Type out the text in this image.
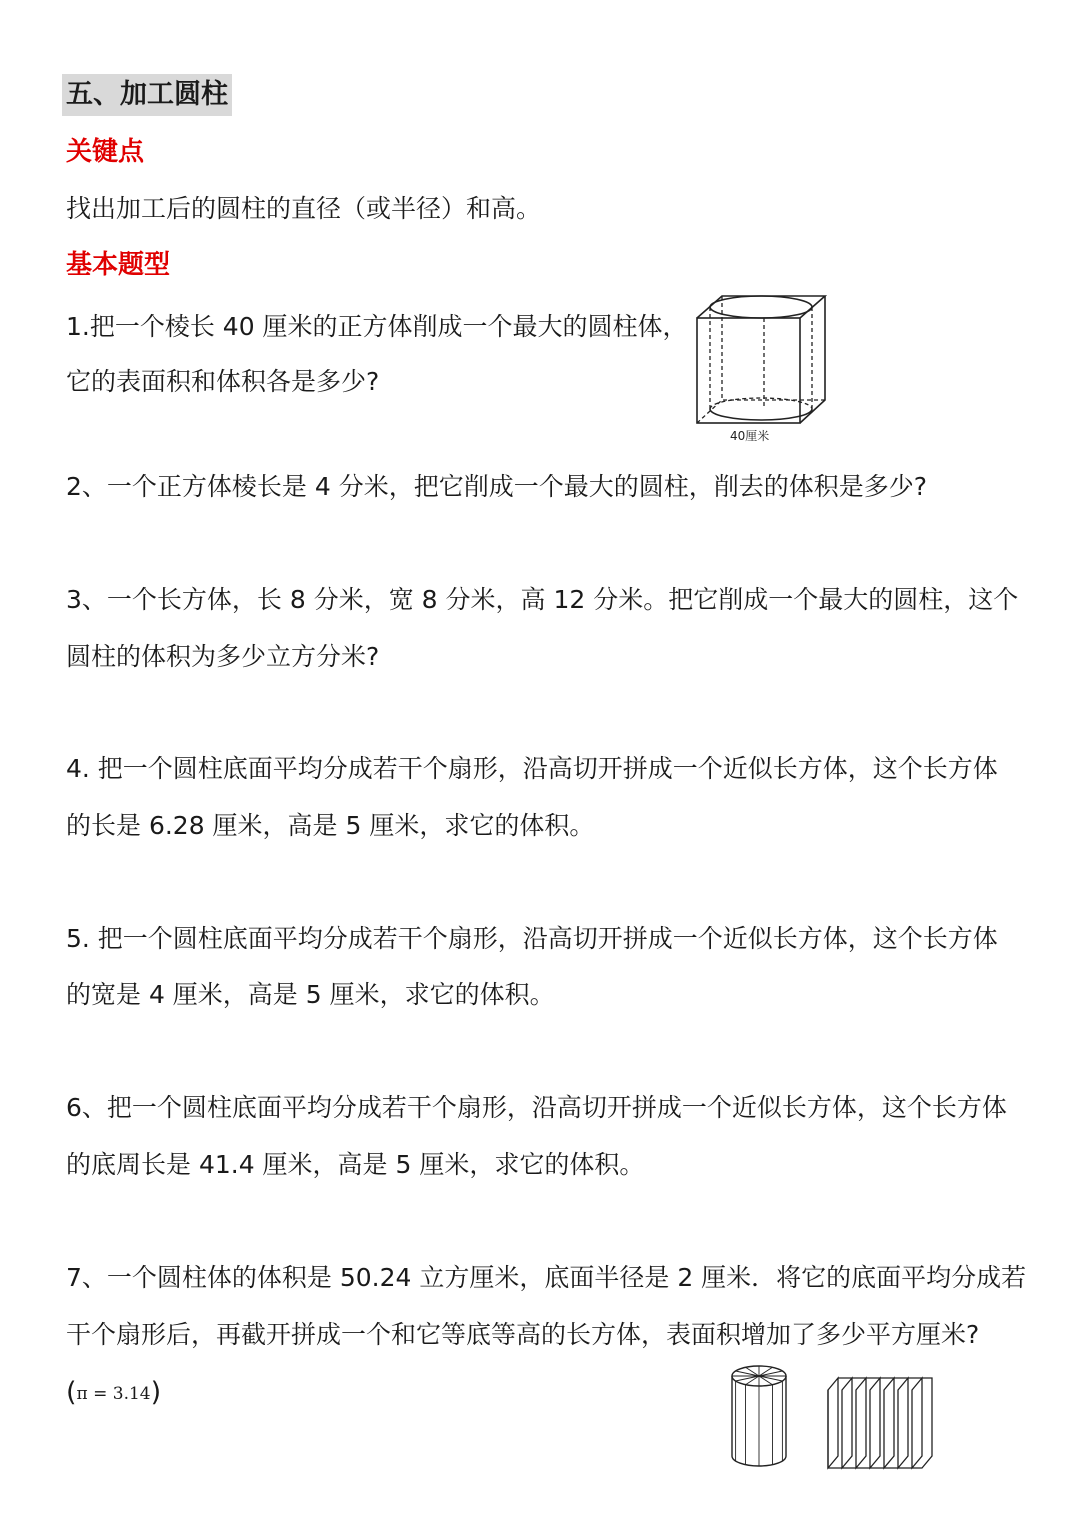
五、加工圆柱
关键点
找出加工后的圆柱的直径（或半径）和高。
基本题型
1.把一个棱长 40 厘米的正方体削成一个最大的圆柱体，
它的表面积和体积各是多少?
40厘米
2、一个正方体棱长是 4 分米，把它削成一个最大的圆柱，削去的体积是多少?
3、一个长方体，长 8 分米，宽 8 分米，高 12 分米。把它削成一个最大的圆柱，这个
圆柱的体积为多少立方分米?
4. 把一个圆柱底面平均分成若干个扇形，沿高切开拼成一个近似长方体，这个长方体
的长是 6.28 厘米，高是 5 厘米，求它的体积。
5. 把一个圆柱底面平均分成若干个扇形，沿高切开拼成一个近似长方体，这个长方体
的宽是 4 厘米，高是 5 厘米，求它的体积。
6、把一个圆柱底面平均分成若干个扇形，沿高切开拼成一个近似长方体，这个长方体
的底周长是 41.4 厘米，高是 5 厘米，求它的体积。
7、一个圆柱体的体积是 50.24 立方厘米，底面半径是 2 厘米．将它的底面平均分成若
干个扇形后，再截开拼成一个和它等底等高的长方体，表面积增加了多少平方厘米?
(π = 3.14)
